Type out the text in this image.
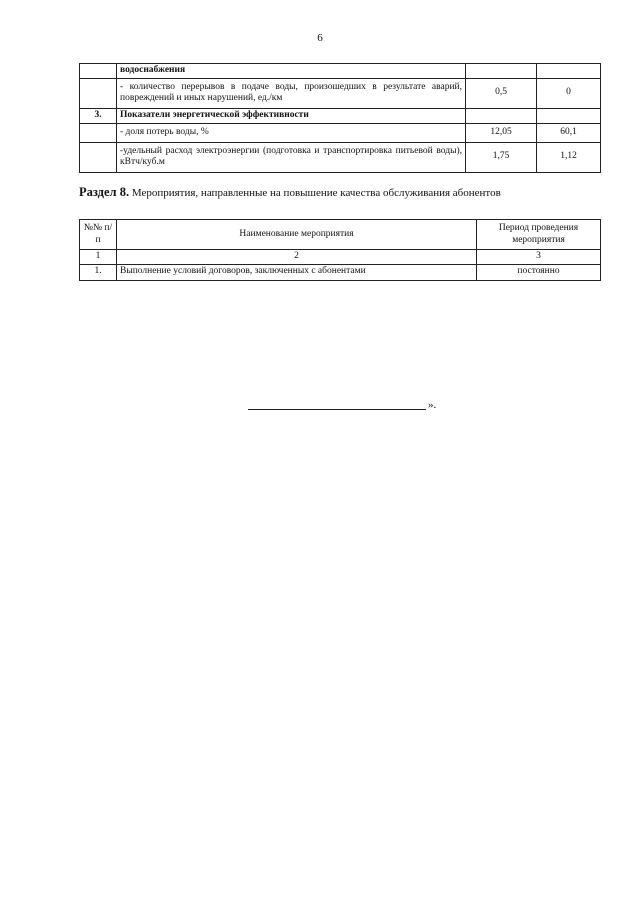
6
	водоснабжения		
	- количество перерывов в подаче воды, произошедших в результате аварий, повреждений и иных нарушений, ед./км	0,5	0
3.	Показатели энергетической эффективности		
	- доля потерь воды, %	12,05	60,1
	-удельный расход электроэнергии (подготовка и транспортировка питьевой воды), кВтч/куб.м	1,75	1,12
Раздел 8. Мероприятия, направленные на повышение качества обслуживания абонентов
№№ п/п	Наименование мероприятия	Период проведения мероприятия
1	2	3
1.	Выполнение условий договоров, заключенных с абонентами	постоянно
».
